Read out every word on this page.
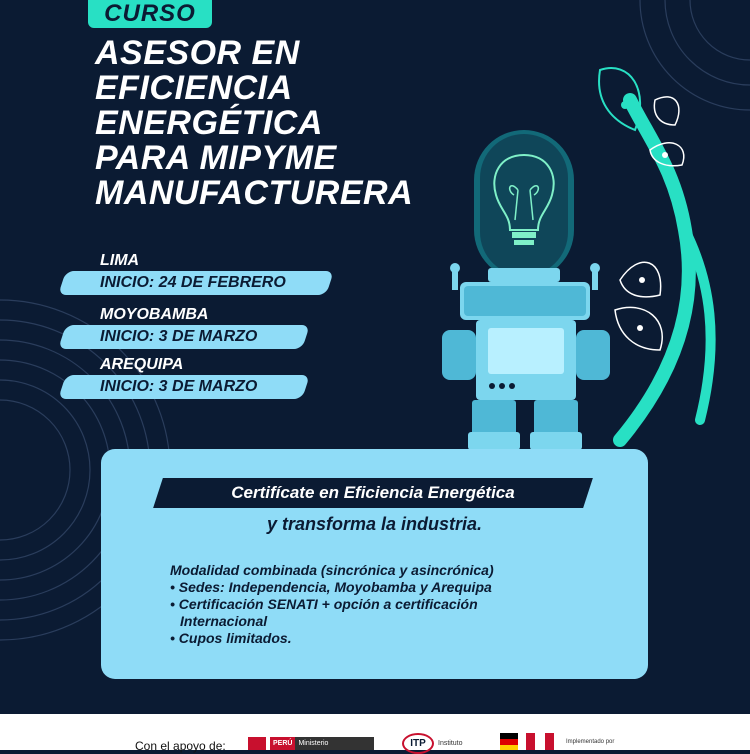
CURSO
ASESOR EN
EFICIENCIA
ENERGÉTICA
PARA MIPYME
MANUFACTURERA
LIMA
INICIO: 24 DE FEBRERO
MOYOBAMBA
INICIO: 3 DE MARZO
AREQUIPA
INICIO: 3 DE MARZO
Certifícate en Eficiencia Energética
y transforma la industria.
Modalidad combinada (sincrónica y asincrónica)
• Sedes: Independencia, Moyobamba y Arequipa
• Certificación SENATI + opción a certificación
Internacional
• Cupos limitados.
Con el apoyo de:	PERÚ Ministerio	ITP	Instituto	Implementado por
